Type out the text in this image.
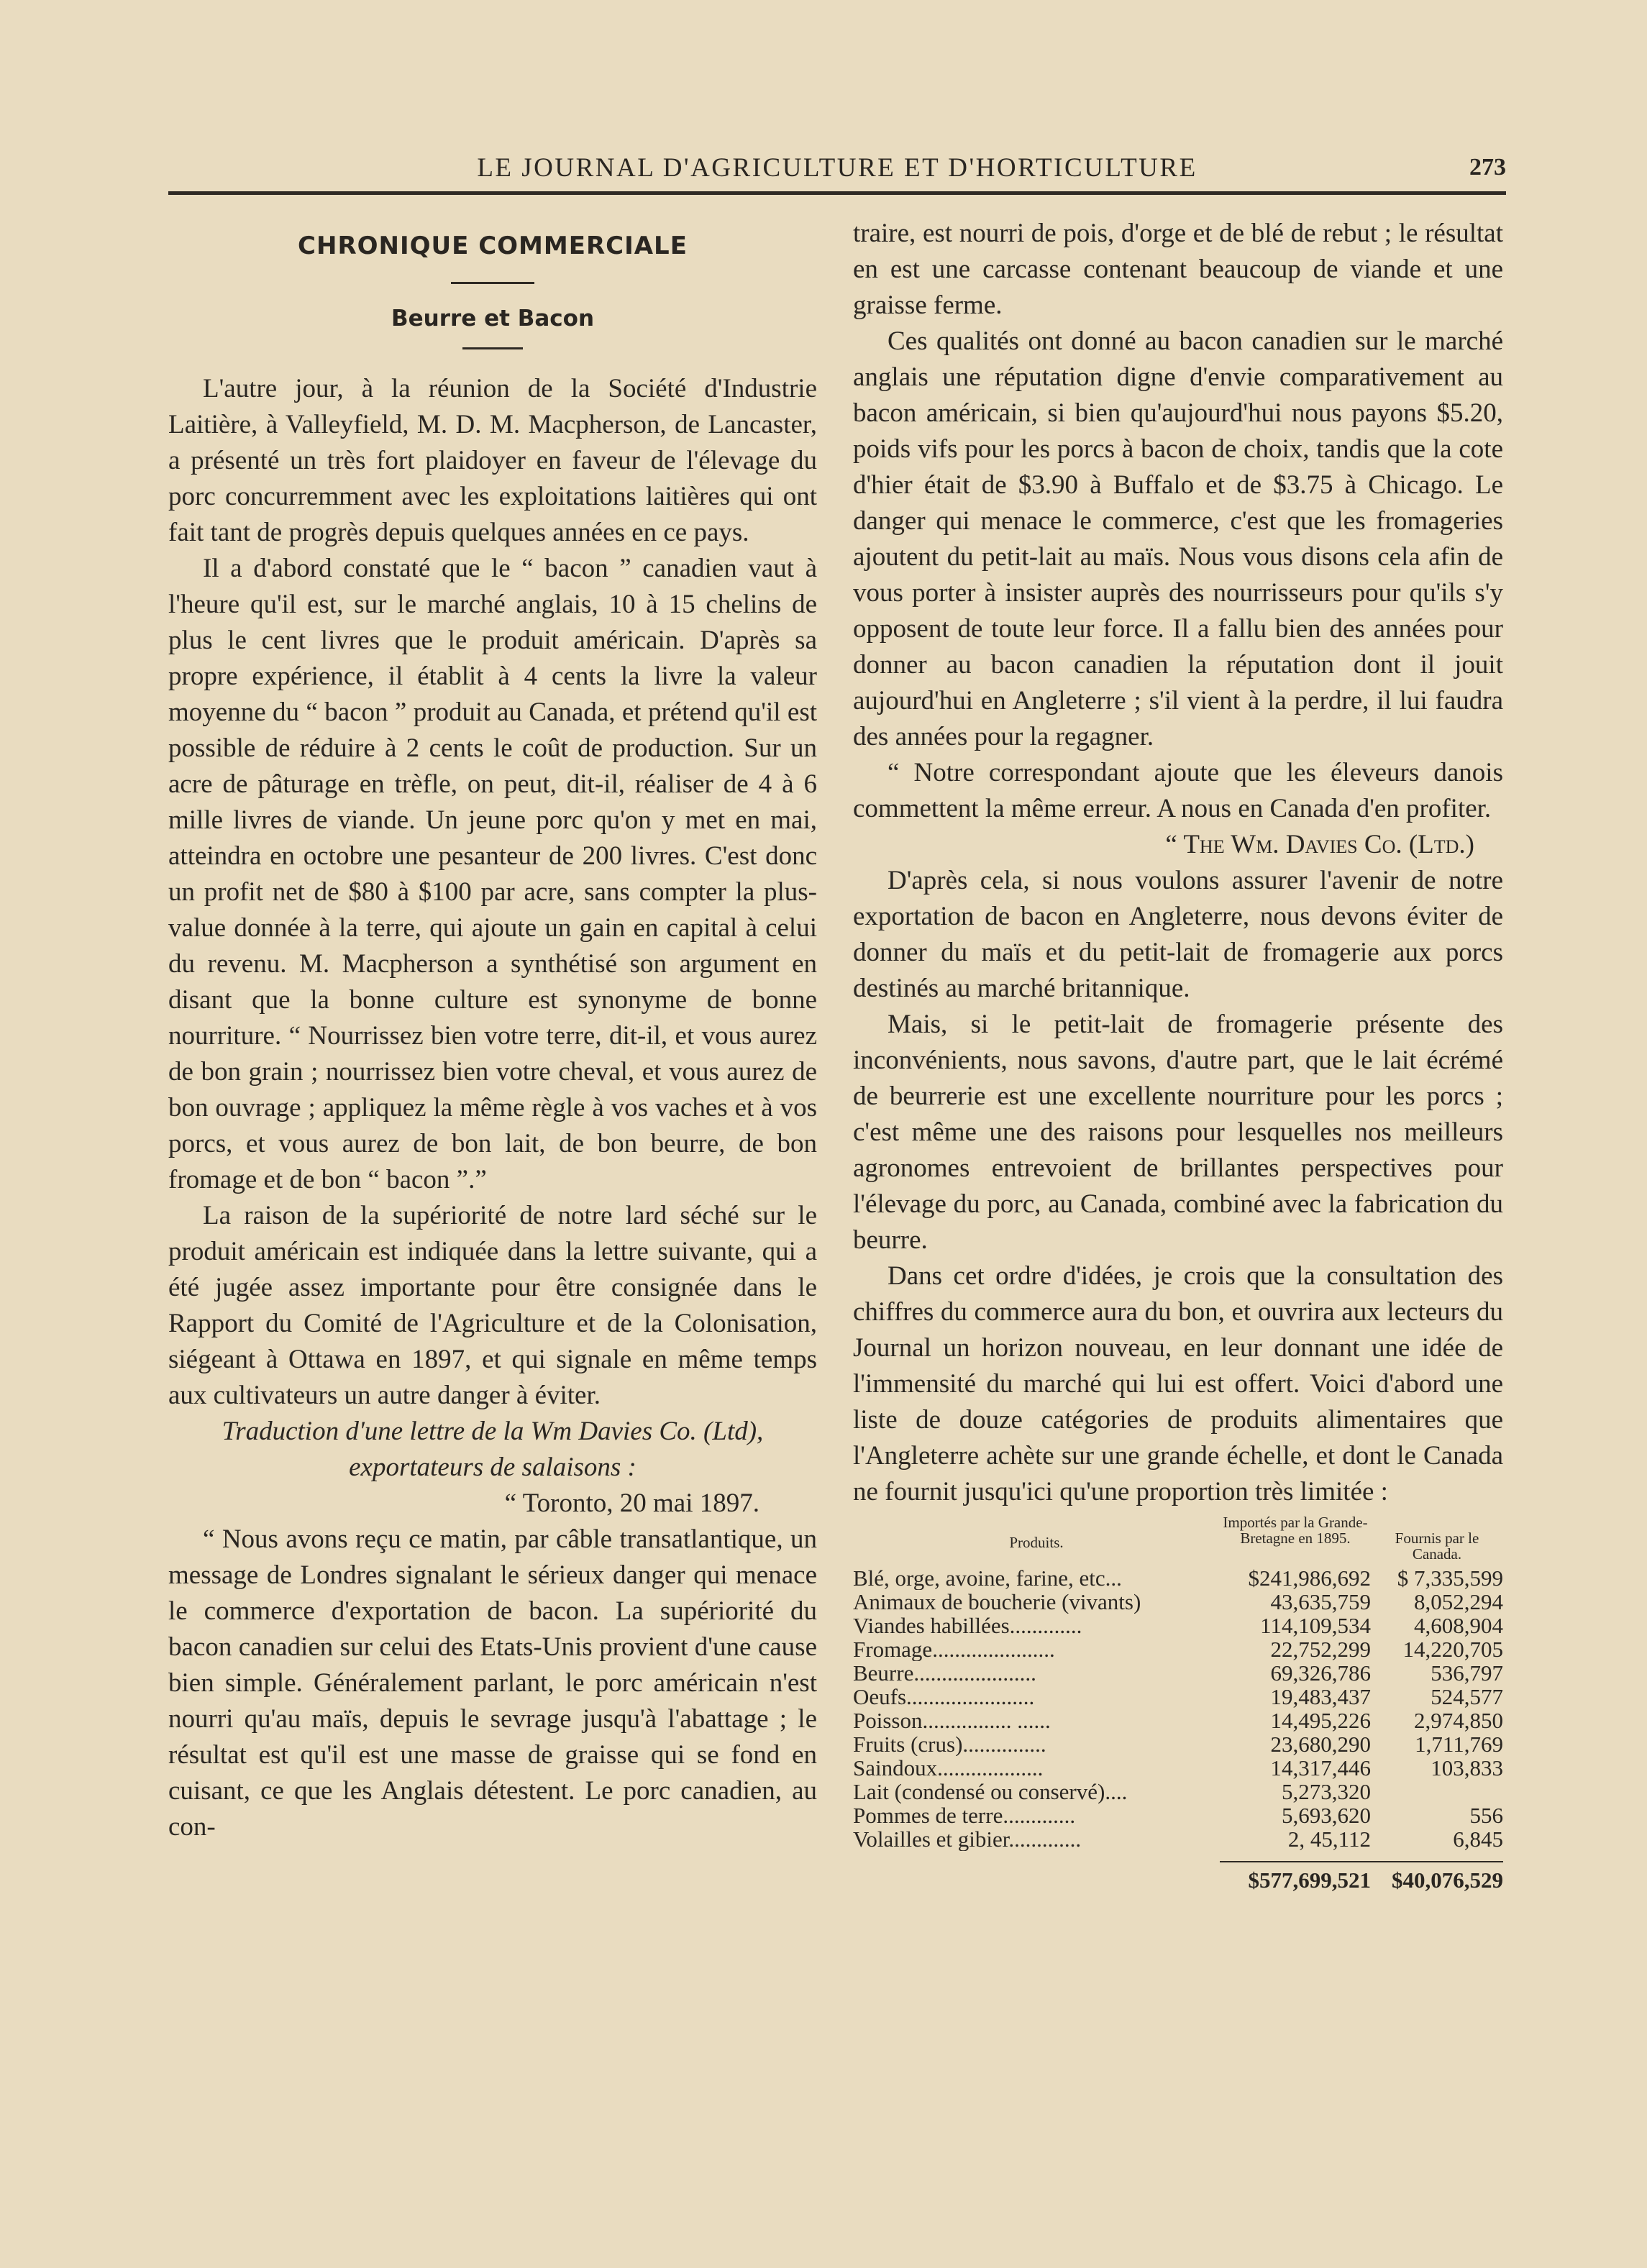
LE JOURNAL D'AGRICULTURE ET D'HORTICULTURE	273
CHRONIQUE COMMERCIALE
Beurre et Bacon

L'autre jour, à la réunion de la Société d'Industrie Laitière, à Valleyfield, M. D. M. Macpherson, de Lancaster, a présenté un très fort plaidoyer en faveur de l'élevage du porc concurremment avec les exploitations laitières qui ont fait tant de progrès depuis quelques années en ce pays.

Il a d'abord constaté que le “ bacon ” canadien vaut à l'heure qu'il est, sur le marché anglais, 10 à 15 chelins de plus le cent livres que le produit américain. D'après sa propre expérience, il établit à 4 cents la livre la valeur moyenne du “ bacon ” produit au Canada, et prétend qu'il est possible de réduire à 2 cents le coût de production. Sur un acre de pâturage en trèfle, on peut, dit-il, réaliser de 4 à 6 mille livres de viande. Un jeune porc qu'on y met en mai, atteindra en octobre une pesanteur de 200 livres. C'est donc un profit net de $80 à $100 par acre, sans compter la plus-value donnée à la terre, qui ajoute un gain en capital à celui du revenu. M. Macpherson a synthétisé son argument en disant que la bonne culture est synonyme de bonne nourriture. “ Nourrissez bien votre terre, dit-il, et vous aurez de bon grain ; nourrissez bien votre cheval, et vous aurez de bon ouvrage ; appliquez la même règle à vos vaches et à vos porcs, et vous aurez de bon lait, de bon beurre, de bon fromage et de bon “ bacon ”.”

La raison de la supériorité de notre lard séché sur le produit américain est indiquée dans la lettre suivante, qui a été jugée assez importante pour être consignée dans le Rapport du Comité de l'Agriculture et de la Colonisation, siégeant à Ottawa en 1897, et qui signale en même temps aux cultivateurs un autre danger à éviter.

Traduction d'une lettre de la Wm Davies Co. (Ltd), exportateurs de salaisons :

“ Toronto, 20 mai 1897.

“ Nous avons reçu ce matin, par câble transatlantique, un message de Londres signalant le sérieux danger qui menace le commerce d'exportation de bacon. La supériorité du bacon canadien sur celui des Etats-Unis provient d'une cause bien simple. Généralement parlant, le porc américain n'est nourri qu'au maïs, depuis le sevrage jusqu'à l'abattage ; le résultat est qu'il est une masse de graisse qui se fond en cuisant, ce que les Anglais détestent. Le porc canadien, au con-

traire, est nourri de pois, d'orge et de blé de rebut ; le résultat en est une carcasse contenant beaucoup de viande et une graisse ferme.

Ces qualités ont donné au bacon canadien sur le marché anglais une réputation digne d'envie comparativement au bacon américain, si bien qu'aujourd'hui nous payons $5.20, poids vifs pour les porcs à bacon de choix, tandis que la cote d'hier était de $3.90 à Buffalo et de $3.75 à Chicago. Le danger qui menace le commerce, c'est que les fromageries ajoutent du petit-lait au maïs. Nous vous disons cela afin de vous porter à insister auprès des nourrisseurs pour qu'ils s'y opposent de toute leur force. Il a fallu bien des années pour donner au bacon canadien la réputation dont il jouit aujourd'hui en Angleterre ; s'il vient à la perdre, il lui faudra des années pour la regagner.

“ Notre correspondant ajoute que les éleveurs danois commettent la même erreur. A nous en Canada d'en profiter.

“ The Wm. Davies Co. (Ltd.)

D'après cela, si nous voulons assurer l'avenir de notre exportation de bacon en Angleterre, nous devons éviter de donner du maïs et du petit-lait de fromagerie aux porcs destinés au marché britannique.

Mais, si le petit-lait de fromagerie présente des inconvénients, nous savons, d'autre part, que le lait écrémé de beurrerie est une excellente nourriture pour les porcs ; c'est même une des raisons pour lesquelles nos meilleurs agronomes entrevoient de brillantes perspectives pour l'élevage du porc, au Canada, combiné avec la fabrication du beurre.

Dans cet ordre d'idées, je crois que la consultation des chiffres du commerce aura du bon, et ouvrira aux lecteurs du Journal un horizon nouveau, en leur donnant une idée de l'immensité du marché qui lui est offert. Voici d'abord une liste de douze catégories de produits alimentaires que l'Angleterre achète sur une grande échelle, et dont le Canada ne fournit jusqu'ici qu'une proportion très limitée :

Produits.
Importés par la Grande-Bretagne en 1895.	Fournis par le Canada.
Blé, orge, avoine, farine, etc...	$241,986,692	$ 7,335,599
Animaux de boucherie (vivants)	43,635,759	8,052,294
Viandes habillées.............	114,109,534	4,608,904
Fromage......................	22,752,299	14,220,705
Beurre......................	69,326,786	536,797
Oeufs.......................	19,483,437	524,577
Poisson................ ......	14,495,226	2,974,850
Fruits (crus)...............	23,680,290	1,711,769
Saindoux...................	14,317,446	103,833
Lait (condensé ou conservé)....	5,273,320
Pommes de terre.............	5,693,620	556
Volailles et gibier.............	2, 45,112	6,845
$577,699,521 $40,076,529
